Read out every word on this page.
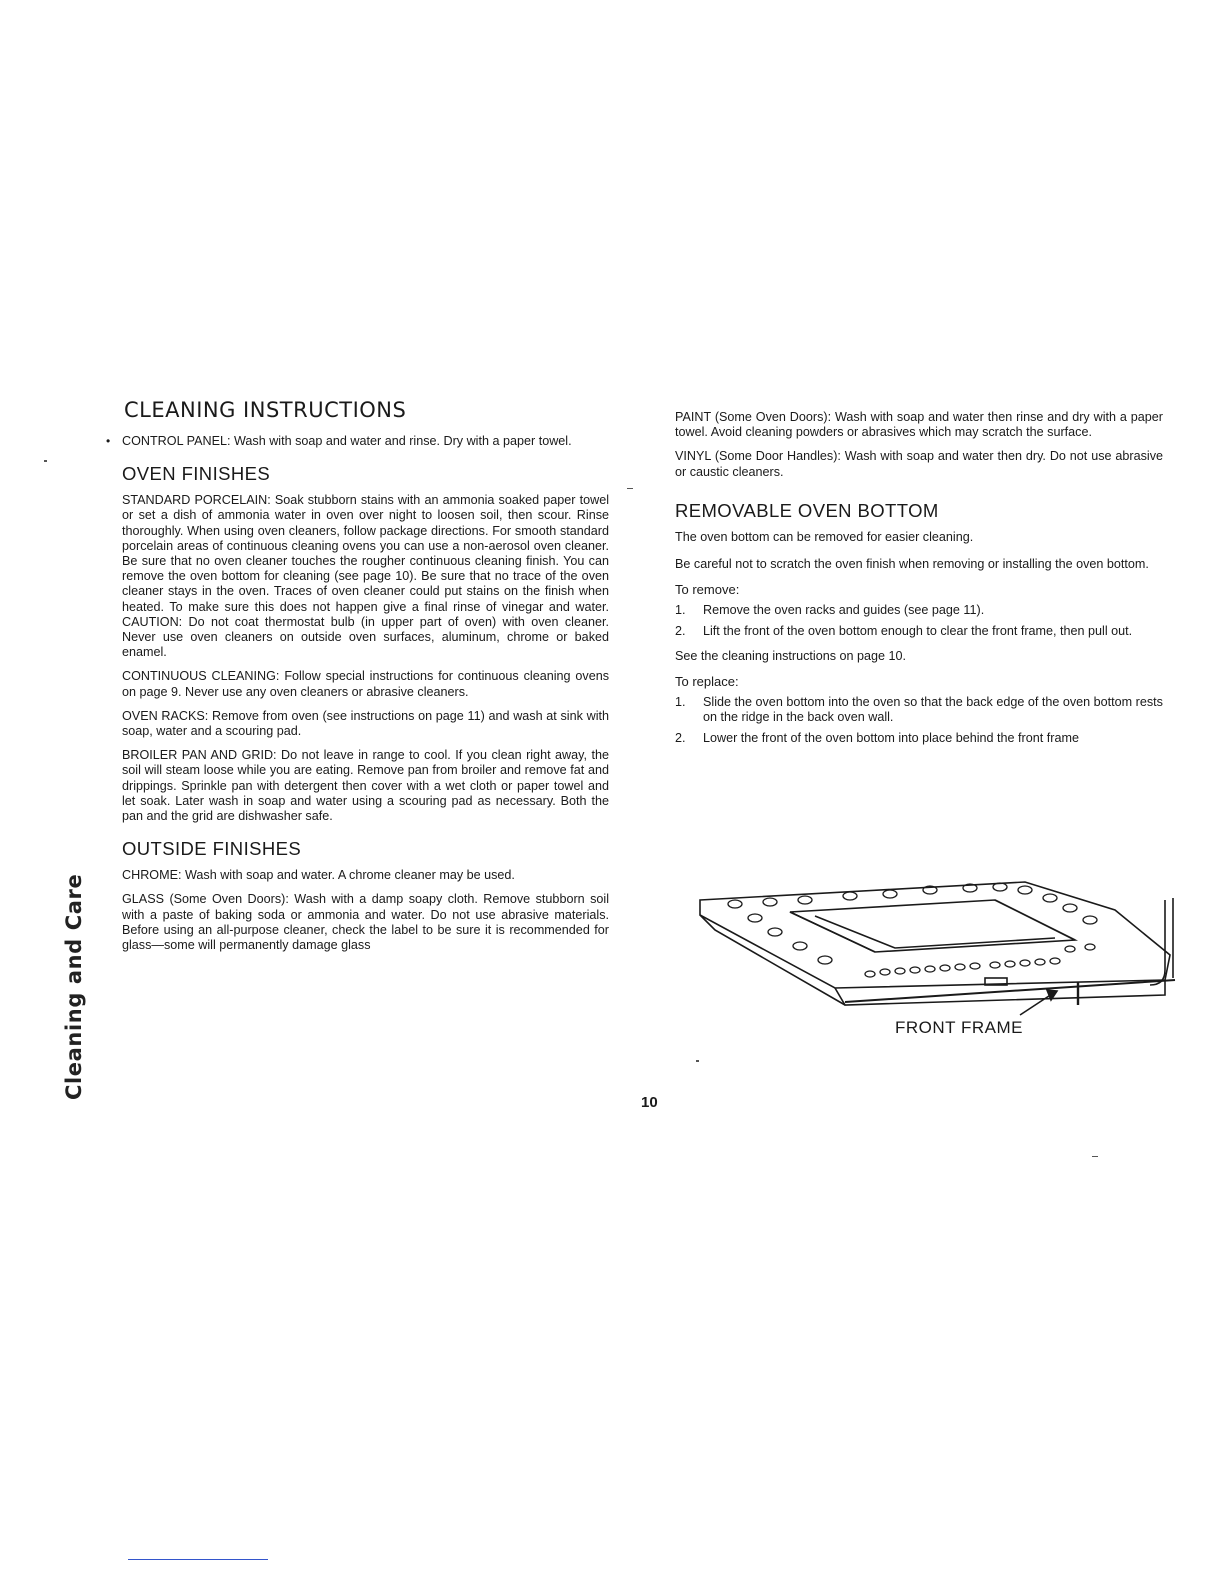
Cleaning and Care
CLEANING INSTRUCTIONS
• CONTROL PANEL: Wash with soap and water and rinse. Dry with a paper towel.
OVEN FINISHES
STANDARD PORCELAIN: Soak stubborn stains with an ammonia soaked paper towel or set a dish of ammonia water in oven over night to loosen soil, then scour. Rinse thoroughly. When using oven cleaners, follow package directions. For smooth standard porcelain areas of continuous cleaning ovens you can use a non-aerosol oven cleaner. Be sure that no oven cleaner touches the rougher continuous cleaning finish. You can remove the oven bottom for cleaning (see page 10). Be sure that no trace of the oven cleaner stays in the oven. Traces of oven cleaner could put stains on the finish when heated. To make sure this does not happen give a final rinse of vinegar and water. CAUTION: Do not coat thermostat bulb (in upper part of oven) with oven cleaner. Never use oven cleaners on outside oven surfaces, aluminum, chrome or baked enamel.
CONTINUOUS CLEANING: Follow special instructions for continuous cleaning ovens on page 9. Never use any oven cleaners or abrasive cleaners.
OVEN RACKS: Remove from oven (see instructions on page 11) and wash at sink with soap, water and a scouring pad.
BROILER PAN AND GRID: Do not leave in range to cool. If you clean right away, the soil will steam loose while you are eating. Remove pan from broiler and remove fat and drippings. Sprinkle pan with detergent then cover with a wet cloth or paper towel and let soak. Later wash in soap and water using a scouring pad as necessary. Both the pan and the grid are dishwasher safe.
OUTSIDE FINISHES
CHROME: Wash with soap and water. A chrome cleaner may be used.
GLASS (Some Oven Doors): Wash with a damp soapy cloth. Remove stubborn soil with a paste of baking soda or ammonia and water. Do not use abrasive materials. Before using an all-purpose cleaner, check the label to be sure it is recommended for glass—some will permanently damage glass
PAINT (Some Oven Doors): Wash with soap and water then rinse and dry with a paper towel. Avoid cleaning powders or abrasives which may scratch the surface.
VINYL (Some Door Handles): Wash with soap and water then dry. Do not use abrasive or caustic cleaners.
REMOVABLE OVEN BOTTOM
The oven bottom can be removed for easier cleaning.
Be careful not to scratch the oven finish when removing or installing the oven bottom.
To remove:
1. Remove the oven racks and guides (see page 11).
2. Lift the front of the oven bottom enough to clear the front frame, then pull out.
See the cleaning instructions on page 10.
To replace:
1. Slide the oven bottom into the oven so that the back edge of the oven bottom rests on the ridge in the back oven wall.
2. Lower the front of the oven bottom into place behind the front frame
FRONT FRAME
10
